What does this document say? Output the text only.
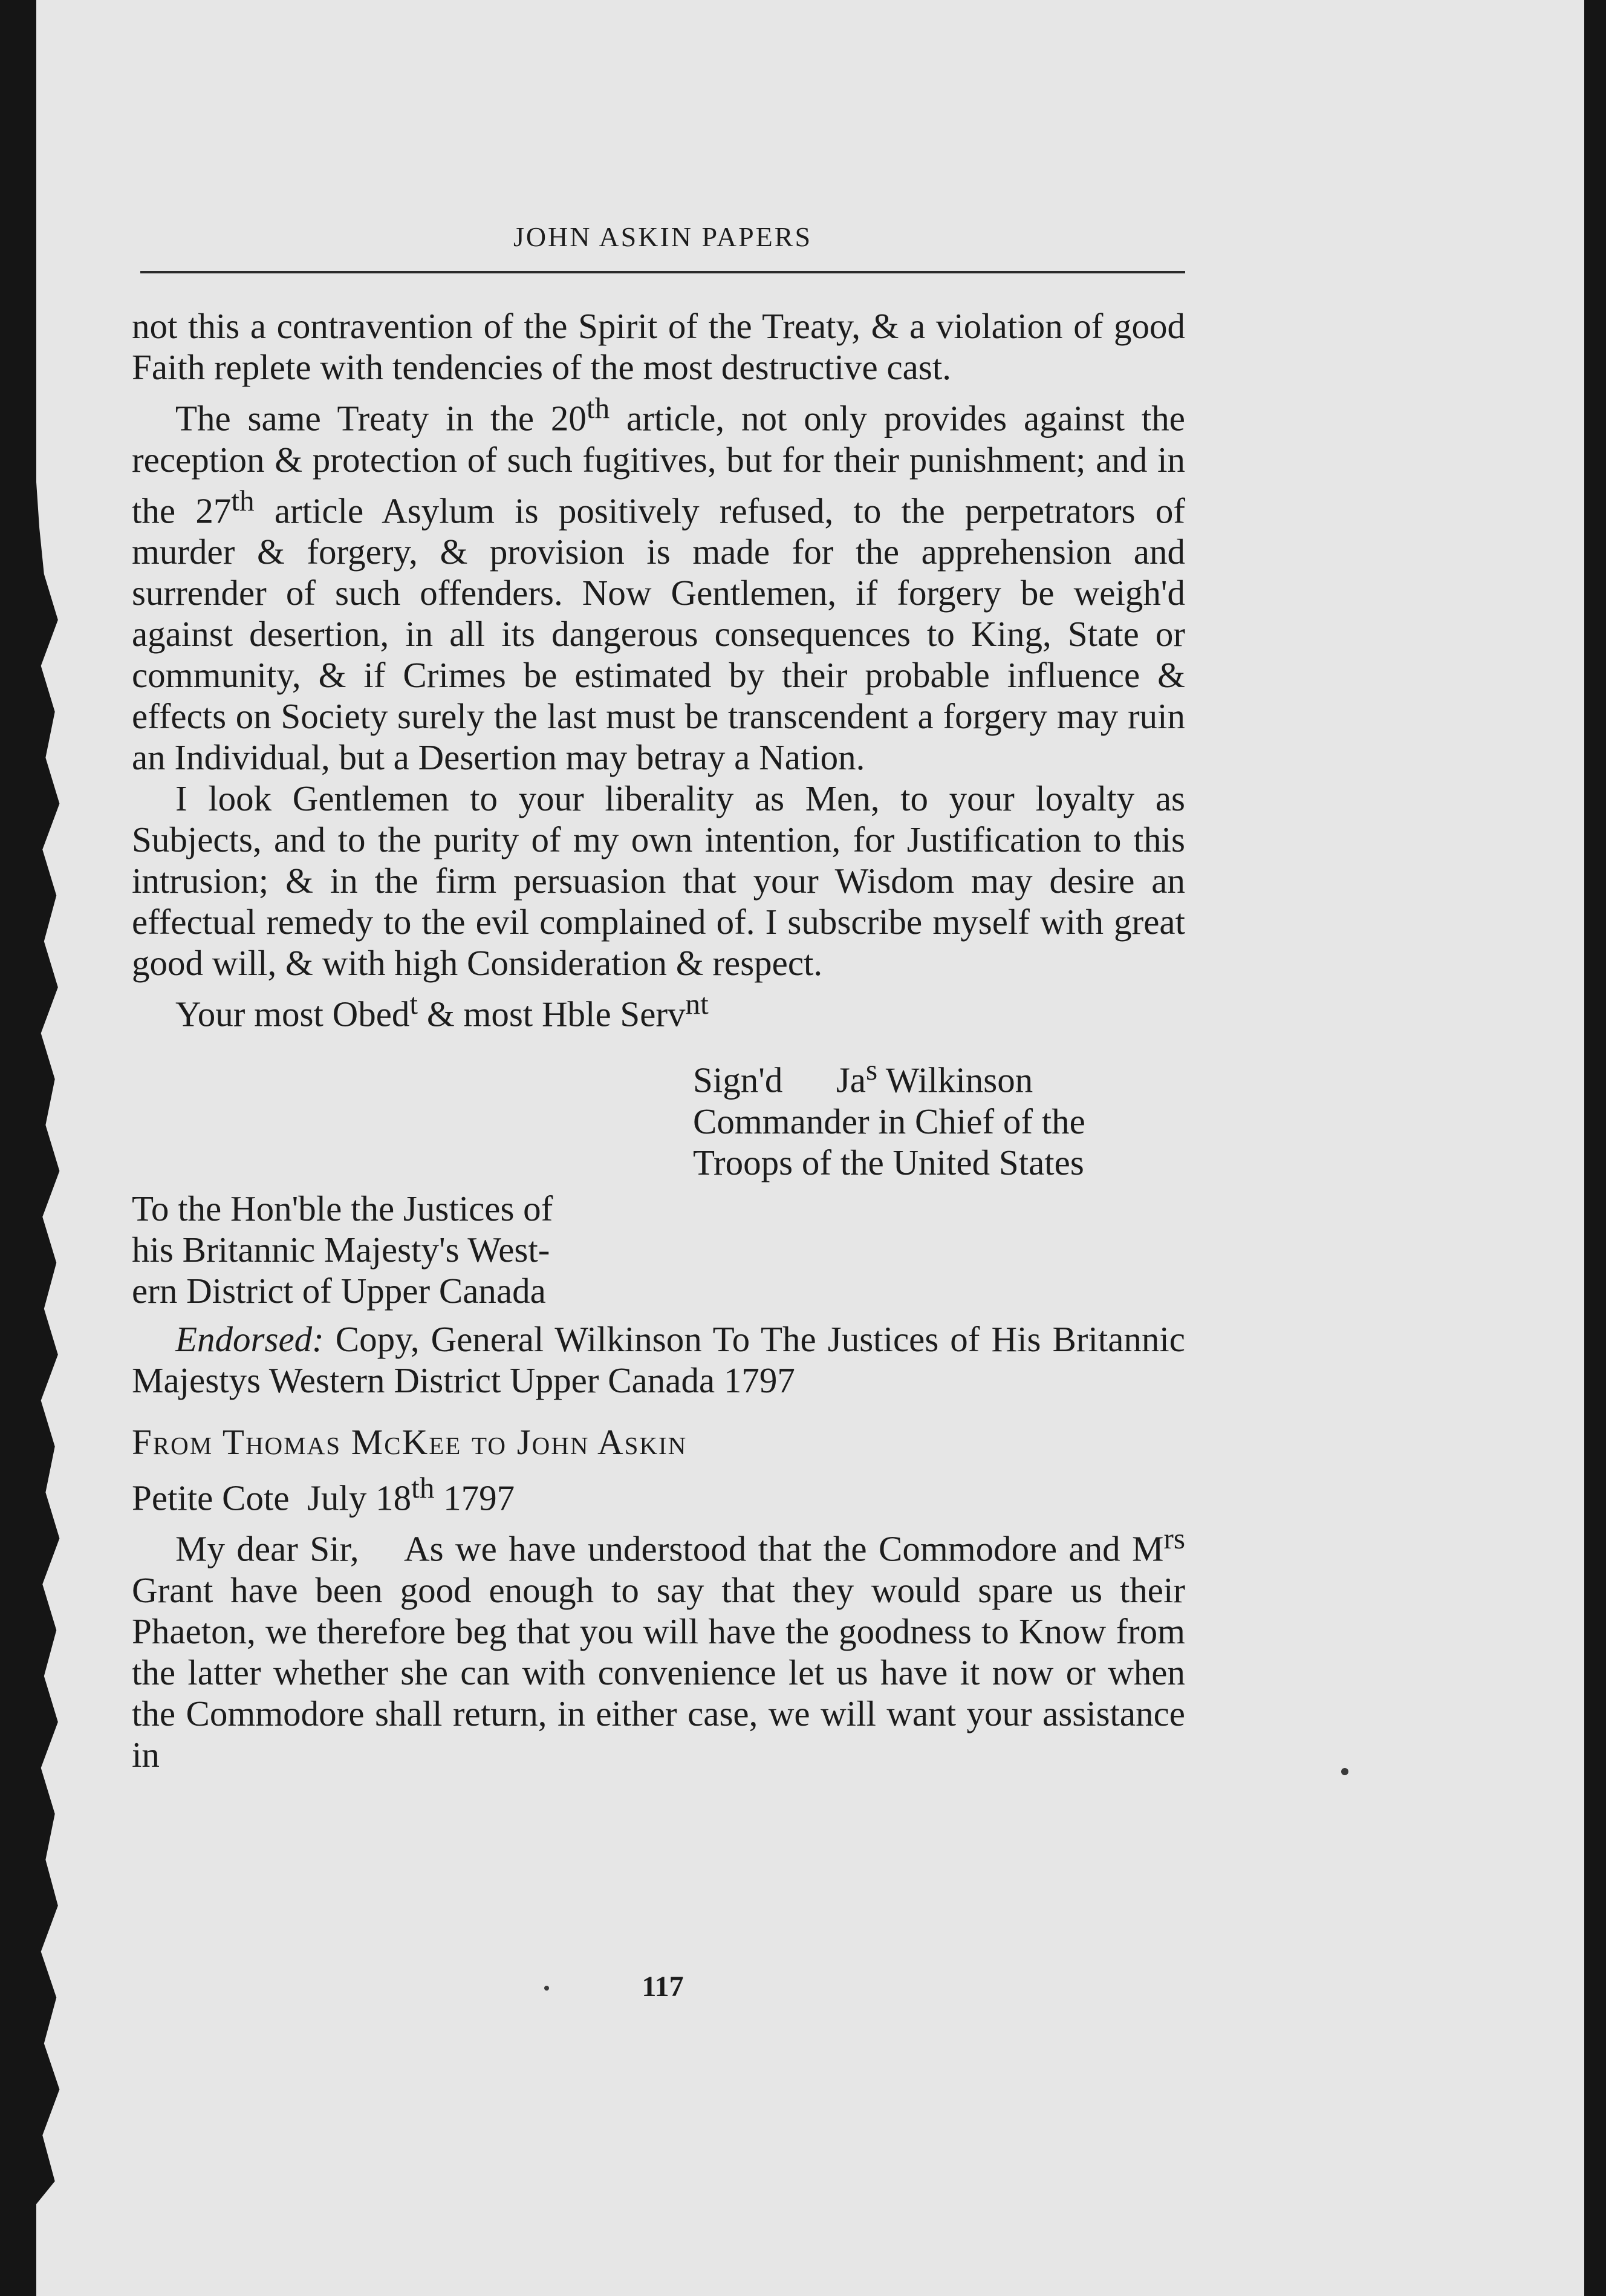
JOHN ASKIN PAPERS

not this a contravention of the Spirit of the Treaty, & a violation of good Faith replete with tendencies of the most destructive cast.

The same Treaty in the 20th article, not only provides against the reception & protection of such fugitives, but for their punishment; and in the 27th article Asylum is positively refused, to the perpetrators of murder & forgery, & provision is made for the apprehension and surrender of such offenders. Now Gentlemen, if forgery be weigh'd against desertion, in all its dangerous consequences to King, State or community, & if Crimes be estimated by their probable influence & effects on Society surely the last must be transcendent a forgery may ruin an Individual, but a Desertion may betray a Nation.

I look Gentlemen to your liberality as Men, to your loyalty as Subjects, and to the purity of my own intention, for Justification to this intrusion; & in the firm persuasion that your Wisdom may desire an effectual remedy to the evil complained of. I subscribe myself with great good will, & with high Consideration & respect.

Your most Obed$^t$ & most Hble Serv$^{nt}$

Sign'd      Ja$^s$ Wilkinson

Commander in Chief of the

Troops of the United States

To the Hon'ble the Justices of

his Britannic Majesty's West-

ern District of Upper Canada

Endorsed: Copy, General Wilkinson To The Justices of His Britannic Majestys Western District Upper Canada 1797

From Thomas McKee to John Askin

Petite Cote  July 18th 1797

My dear Sir,    As we have understood that the Commodore and $M^{rs}$ Grant have been good enough to say that they would spare us their Phaeton, we therefore beg that you will have the goodness to Know from the latter whether she can with convenience let us have it now or when the Commodore shall return, in either case, we will want your assistance in

117
